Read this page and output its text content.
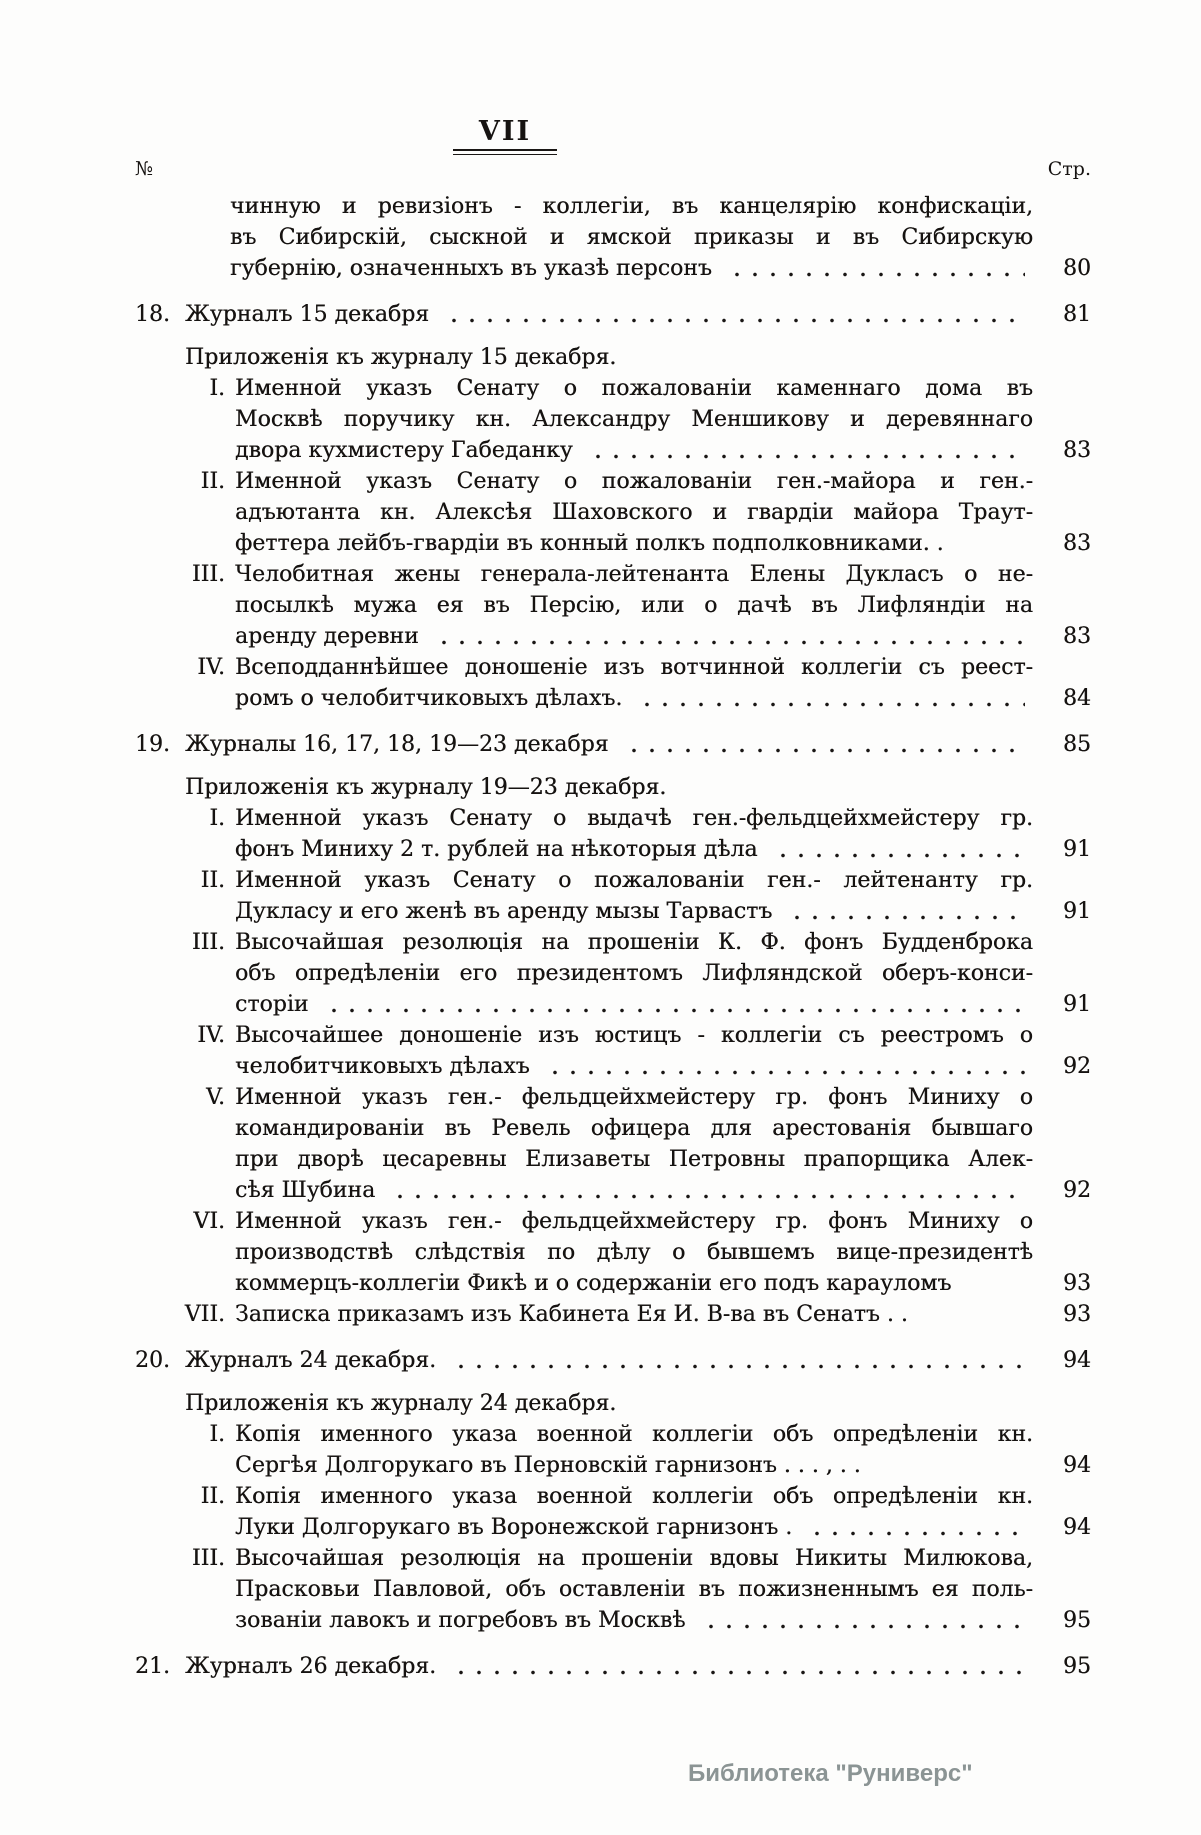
VII
№	Стр.
чинную и ревизіонъ - коллегіи, въ канцелярію конфискаціи,
въ Сибирскій, сыскной и ямской приказы и въ Сибирскую
губернію, означенныхъ въ указѣ персонъ	80
18. Журналъ 15 декабря	81
Приложенія къ журналу 15 декабря.
I. Именной указъ Сенату о пожалованіи каменнаго дома въ
Москвѣ поручику кн. Александру Меншикову и деревяннаго
двора кухмистеру Габеданку	83
II. Именной указъ Сенату о пожалованіи ген.-майора и ген.-
адъютанта кн. Алексѣя Шаховского и гвардіи майора Траут-
феттера лейбъ-гвардіи въ конный полкъ подполковниками. .	83
III. Челобитная жены генерала-лейтенанта Елены Дукласъ о не-
посылкѣ мужа ея въ Персію, или о дачѣ въ Лифляндіи на
аренду деревни	83
IV. Всеподданнѣйшее доношеніе изъ вотчинной коллегіи съ реест-
ромъ о челобитчиковыхъ дѣлахъ.	84
19. Журналы 16, 17, 18, 19—23 декабря	85
Приложенія къ журналу 19—23 декабря.
I. Именной указъ Сенату о выдачѣ ген.-фельдцейхмейстеру гр.
фонъ Миниху 2 т. рублей на нѣкоторыя дѣла	91
II. Именной указъ Сенату о пожалованіи ген.- лейтенанту гр.
Дукласу и его женѣ въ аренду мызы Тарвастъ	91
III. Высочайшая резолюція на прошеніи К. Ф. фонъ Будденброка
объ опредѣленіи его президентомъ Лифляндской оберъ-конси-
сторіи	91
IV. Высочайшее доношеніе изъ юстицъ - коллегіи съ реестромъ о
челобитчиковыхъ дѣлахъ	92
V. Именной указъ ген.- фельдцейхмейстеру гр. фонъ Миниху о
командированіи въ Ревель офицера для арестованія бывшаго
при дворѣ цесаревны Елизаветы Петровны прапорщика Алек-
сѣя Шубина	92
VI. Именной указъ ген.- фельдцейхмейстеру гр. фонъ Миниху о
производствѣ слѣдствія по дѣлу о бывшемъ вице-президентѣ
коммерцъ-коллегіи Фикѣ и о содержаніи его подъ карауломъ	93
VII. Записка приказамъ изъ Кабинета Ея И. В-ва въ Сенатъ . .	93
20. Журналъ 24 декабря.	94
Приложенія къ журналу 24 декабря.
I. Копія именного указа военной коллегіи объ опредѣленіи кн.
Сергѣя Долгорукаго въ Перновскій гарнизонъ . . . , . .	94
II. Копія именного указа военной коллегіи объ опредѣленіи кн.
Луки Долгорукаго въ Воронежской гарнизонъ .	94
III. Высочайшая резолюція на прошеніи вдовы Никиты Милюкова,
Прасковьи Павловой, объ оставленіи въ пожизненнымъ ея поль-
зованіи лавокъ и погребовъ въ Москвѣ	95
21. Журналъ 26 декабря.	95
Библиотека "Руниверс"
